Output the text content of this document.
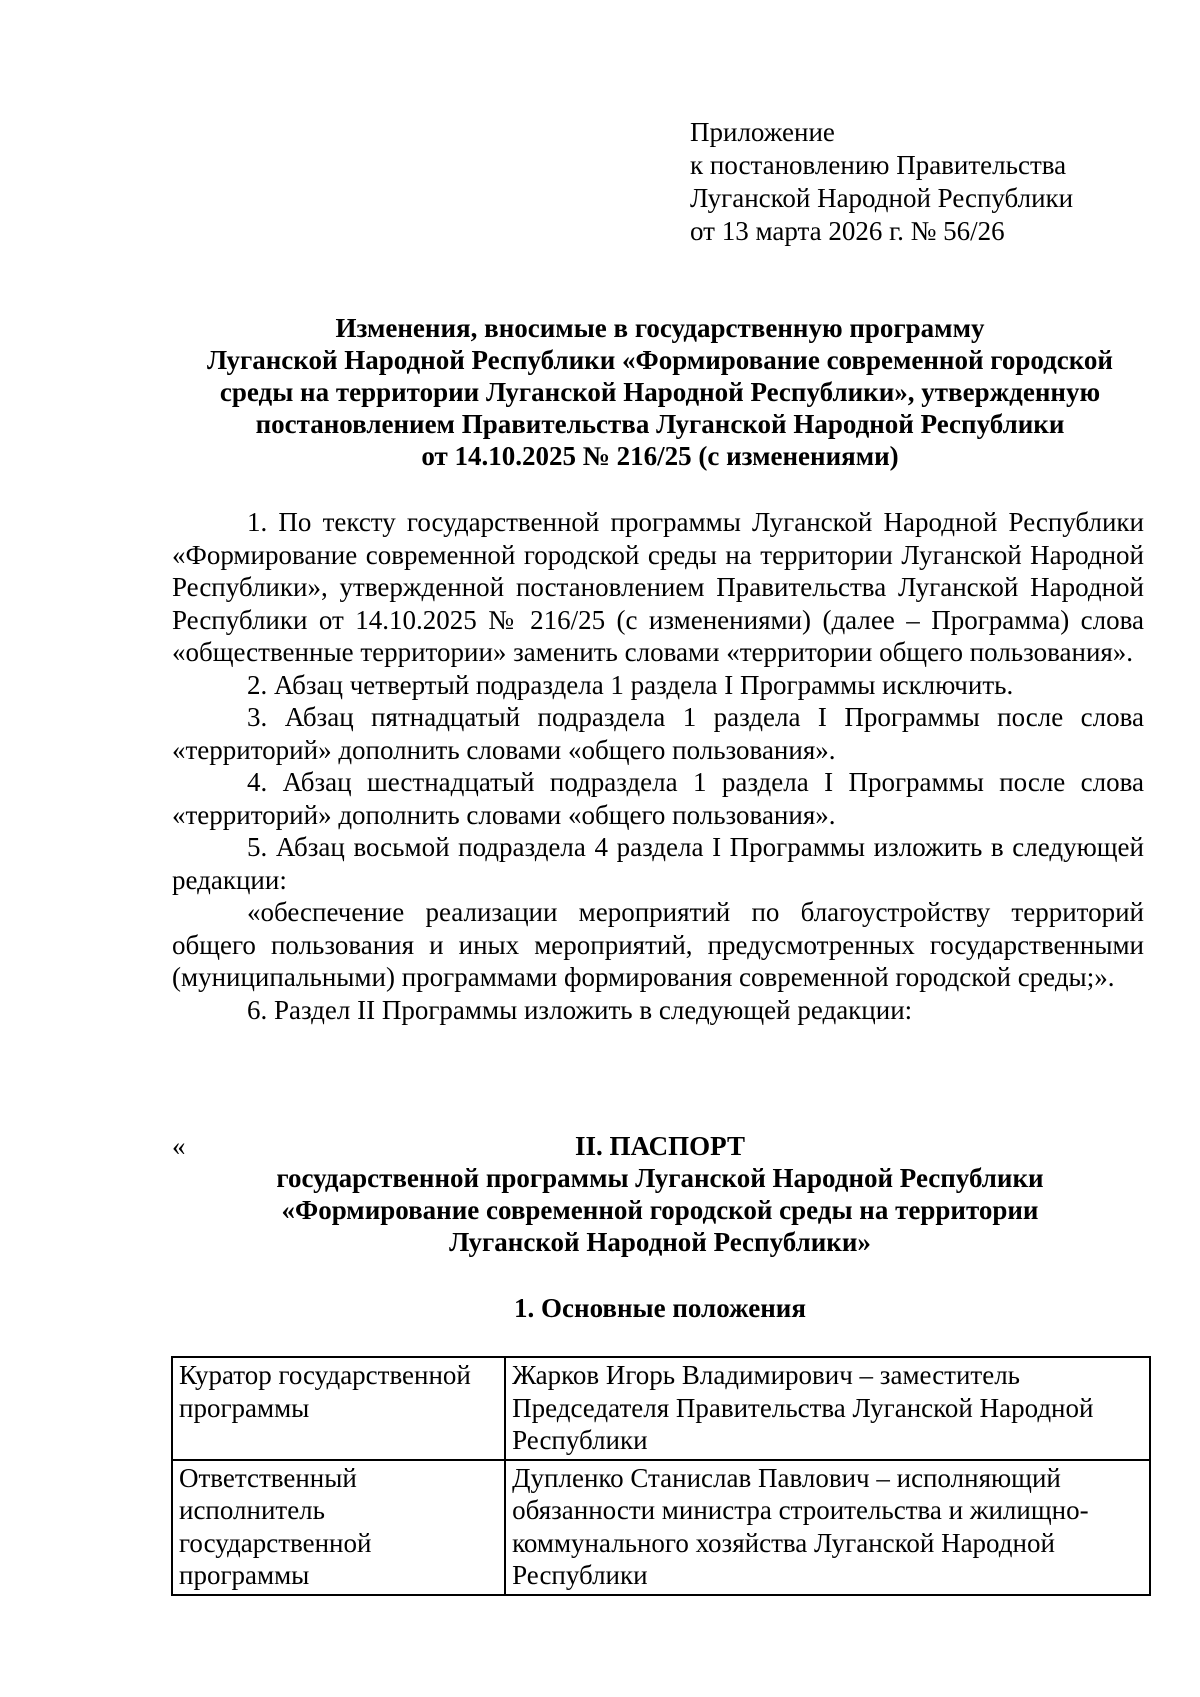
Приложение
к постановлению Правительства
Луганской Народной Республики
от 13 марта 2026 г. № 56/26
Изменения, вносимые в государственную программу
Луганской Народной Республики «Формирование современной городской
среды на территории Луганской Народной Республики», утвержденную
постановлением Правительства Луганской Народной Республики
от 14.10.2025 № 216/25 (с изменениями)

1. По тексту государственной программы Луганской Народной Республики «Формирование современной городской среды на территории Луганской Народной Республики», утвержденной постановлением Правительства Луганской Народной Республики от 14.10.2025 № 216/25 (с изменениями) (далее – Программа) слова «общественные территории» заменить словами «территории общего пользования».

2. Абзац четвертый подраздела 1 раздела I Программы исключить.

3. Абзац пятнадцатый подраздела 1 раздела I Программы после слова «территорий» дополнить словами «общего пользования».

4. Абзац шестнадцатый подраздела 1 раздела I Программы после слова «территорий» дополнить словами «общего пользования».

5. Абзац восьмой подраздела 4 раздела I Программы изложить в следующей редакции:

«обеспечение реализации мероприятий по благоустройству территорий общего пользования и иных мероприятий, предусмотренных государственными (муниципальными) программами формирования современной городской среды;».

6. Раздел II Программы изложить в следующей редакции:

«	II. ПАСПОРТ
государственной программы Луганской Народной Республики
«Формирование современной городской среды на территории
Луганской Народной Республики»
1. Основные положения
Куратор государственной программы	Жарков Игорь Владимирович – заместитель Председателя Правительства Луганской Народной Республики
Ответственный исполнитель государственной программы	Дупленко Станислав Павлович – исполняющий обязанности министра строительства и жилищно-коммунального хозяйства Луганской Народной Республики
